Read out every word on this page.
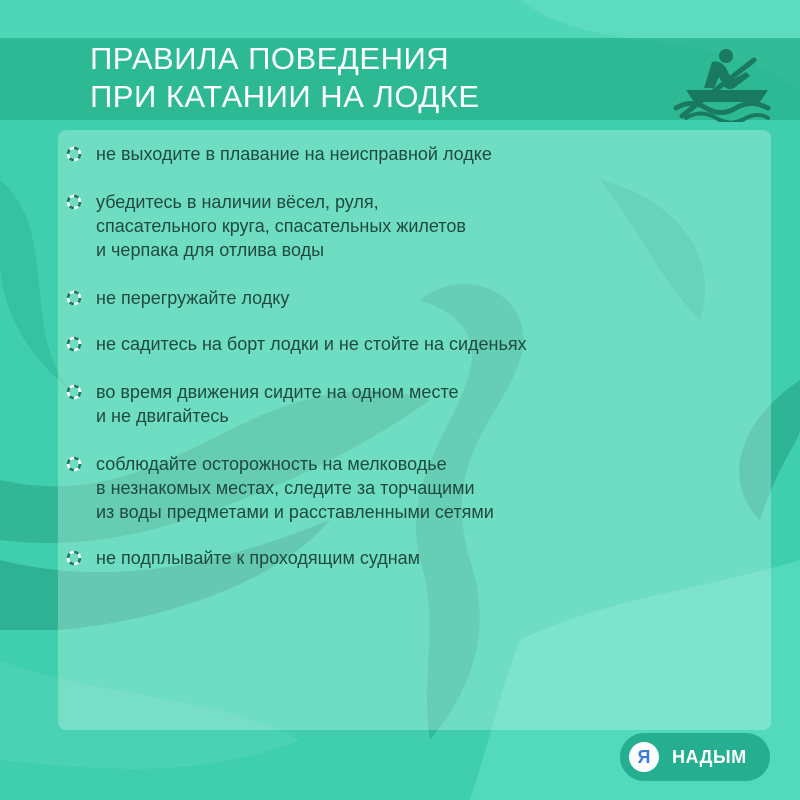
ПРАВИЛА ПОВЕДЕНИЯ
ПРИ КАТАНИИ НА ЛОДКЕ
не выходите в плавание на неисправной лодке
убедитесь в наличии вёсел, руля,
спасательного круга, спасательных жилетов
и черпака для отлива воды
не перегружайте лодку
не садитесь на борт лодки и не стойте на сиденьях
во время движения сидите на одном месте
и не двигайтесь
соблюдайте осторожность на мелководье
в незнакомых местах, следите за торчащими
из воды предметами и расставленными сетями
не подплывайте к проходящим суднам
Я	НАДЫМ
